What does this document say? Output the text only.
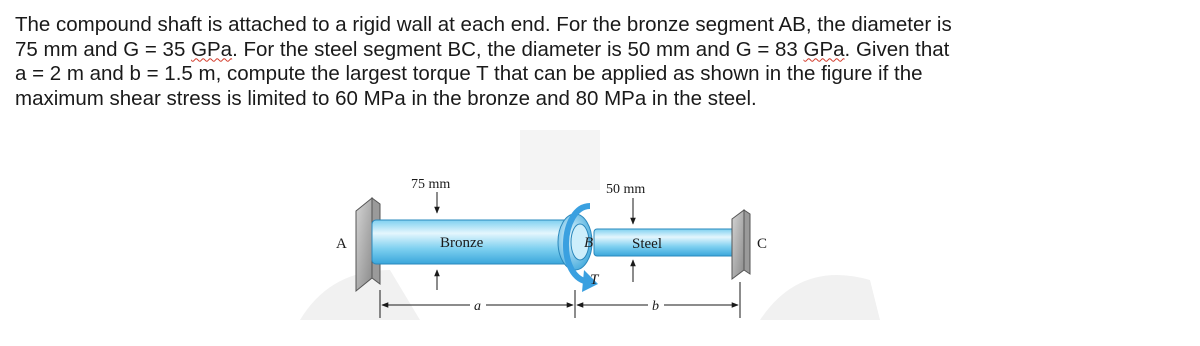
The compound shaft is attached to a rigid wall at each end. For the bronze segment AB, the diameter is
75 mm and G = 35 GPa. For the steel segment BC, the diameter is 50 mm and G = 83 GPa. Given that
a = 2 m and b = 1.5 m, compute the largest torque T that can be applied as shown in the figure if the
maximum shear stress is limited to 60 MPa in the bronze and 80 MPa in the steel.
A	Bronze
T
B	Steel	C
75 mm	50 mm
a	b
